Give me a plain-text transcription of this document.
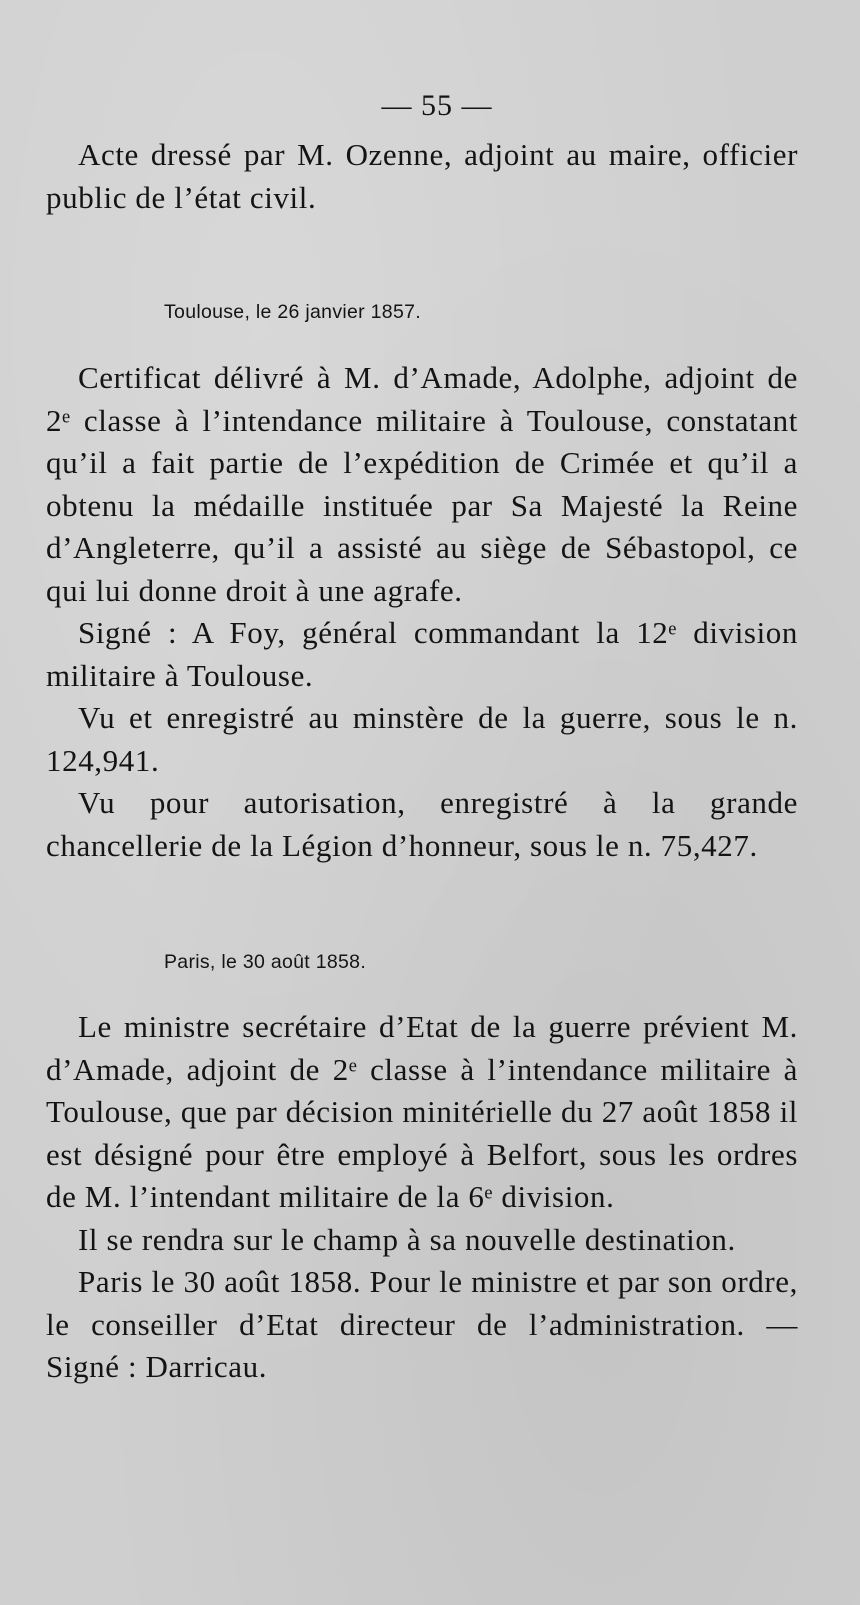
— 55 —

Acte dressé par M. Ozenne, adjoint au maire, officier public de l’état civil.

Toulouse, le 26 janvier 1857.

Certificat délivré à M. d’Amade, Adolphe, adjoint de 2ᵉ classe à l’intendance militaire à Toulouse, constatant qu’il a fait partie de l’expédition de Crimée et qu’il a obtenu la médaille instituée par Sa Majesté la Reine d’Angleterre, qu’il a assisté au siège de Sébastopol, ce qui lui donne droit à une agrafe.

Signé : A Foy, général commandant la 12ᵉ division militaire à Toulouse.

Vu et enregistré au minstère de la guerre, sous le n. 124,941.

Vu pour autorisation, enregistré à la grande chancellerie de la Légion d’honneur, sous le n. 75,427.

Paris, le 30 août 1858.

Le ministre secrétaire d’Etat de la guerre prévient M. d’Amade, adjoint de 2ᵉ classe à l’intendance militaire à Toulouse, que par décision minitérielle du 27 août 1858 il est désigné pour être employé à Belfort, sous les ordres de M. l’intendant militaire de la 6ᵉ division.

Il se rendra sur le champ à sa nouvelle destination.

Paris le 30 août 1858. Pour le ministre et par son ordre, le conseiller d’Etat directeur de l’administration. — Signé : Darricau.
